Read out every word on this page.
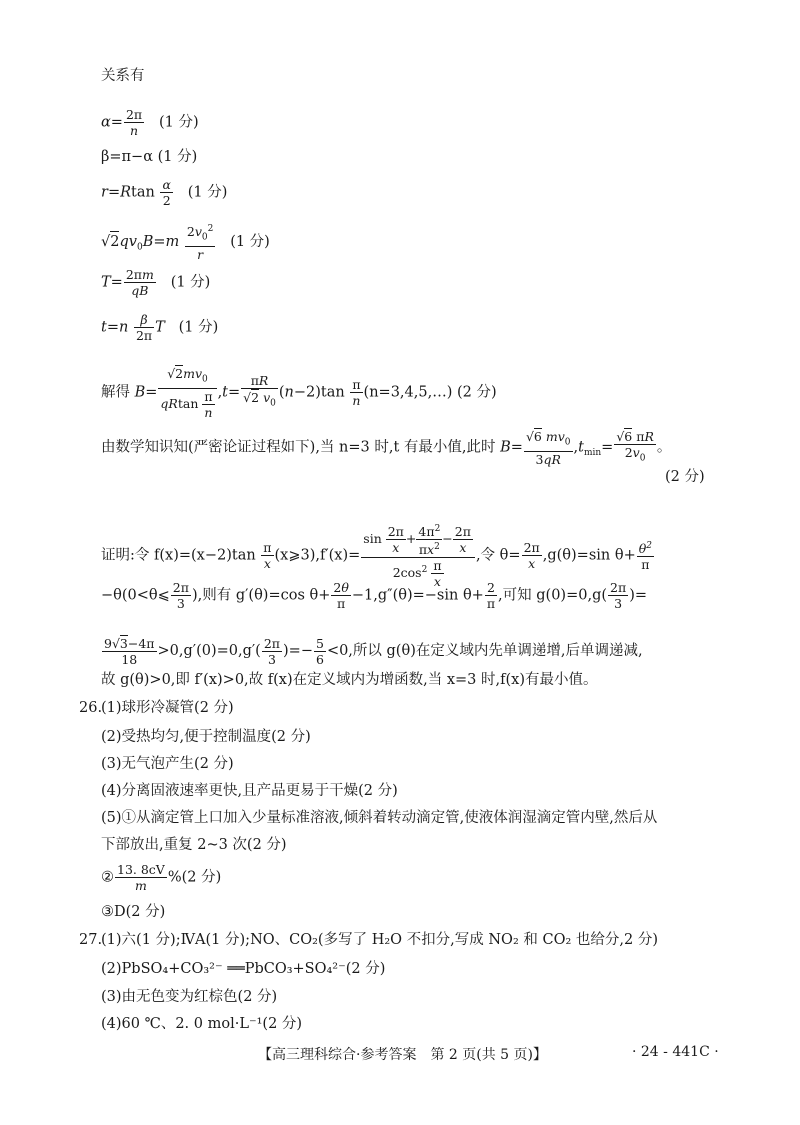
关系有
$\alpha= \frac{2\pi}{n} (1$ 分)
β=π−α (1 分)
$r=Rtan \frac{\alpha}{2} (1$ 分)
$√2qv_0B=m \frac{2v_0^2}{r} (1$ 分)
$T= \frac{2\pi m}{qB} (1$ 分)
$t=n \frac{\beta}{2\pi}$ T (1 分)
解得 $B= \frac{√2mv_0}{qRtan \frac{\pi}{n}} ,t= \frac{\pi R}{√2 v_0} (n-2)\tan \frac{\pi}{n}$ (n=3,4,5,…) (2 分)
由数学知识知(严密论证过程如下),当 n=3 时,t 有最小值,此时 $B= \frac{√6 mv_0}{3qR} ,t_{min}= \frac{√6 \pi R}{2v_0}$ 。
(2 分)
证明:令 $f(x)=(x-2)\tan \frac{\pi}{x}$ (x⩾3),f′(x)= $\frac{\sin \frac{2\pi}{x} + \frac{4\pi^2}{\pi x^2} - \frac{2\pi}{x}}{2\cos^2 \frac{\pi}{x}}$ ,令 $\theta= \frac{2\pi}{x} ,g(\theta)=\sin$ $\theta+ \frac{\theta^2}{\pi}$
−θ(0<θ⩽ $\frac{2\pi}{3}$ ),则有 g′(θ)=cos $\theta+ \frac{2\theta}{\pi} -1,g''(\theta)=-\sin$ $\theta+ \frac{2}{\pi}$ ,可知 $g(0)=0,g( \frac{2\pi}{3}$ )=
$\frac{9√3-4\pi}{18} >0,g'(0)=0,g'( \frac{2\pi}{3}$ )=− $\frac{5}{6} <0$,所以 g(θ)在定义域内先单调递增,后单调递减,
故 g(θ)>0,即 f′(x)>0,故 f(x)在定义域内为增函数,当 x=3 时,f(x)有最小值。
26.
(1)球形冷凝管(2 分)
(2)受热均匀,便于控制温度(2 分)
(3)无气泡产生(2 分)
(4)分离固液速率更快,且产品更易于干燥(2 分)
(5)①从滴定管上口加入少量标准溶液,倾斜着转动滴定管,使液体润湿滴定管内壁,然后从
下部放出,重复 2~3 次(2 分)
② $\frac{13. 8cV}{m} \%(2$ 分)
③D(2 分)
27.
(1)六(1 分);ⅣA(1 分);NO、CO₂(多写了 H₂O 不扣分,写成 NO₂ 和 CO₂ 也给分,2 分)
(2)PbSO₄+CO₃²⁻ ══PbCO₃+SO₄²⁻(2 分)
(3)由无色变为红棕色(2 分)
(4)60 ℃、2. 0 mol·L⁻¹(2 分)
【高三理科综合·参考答案　第 2 页(共 5 页)】	· 24 - 441C ·
